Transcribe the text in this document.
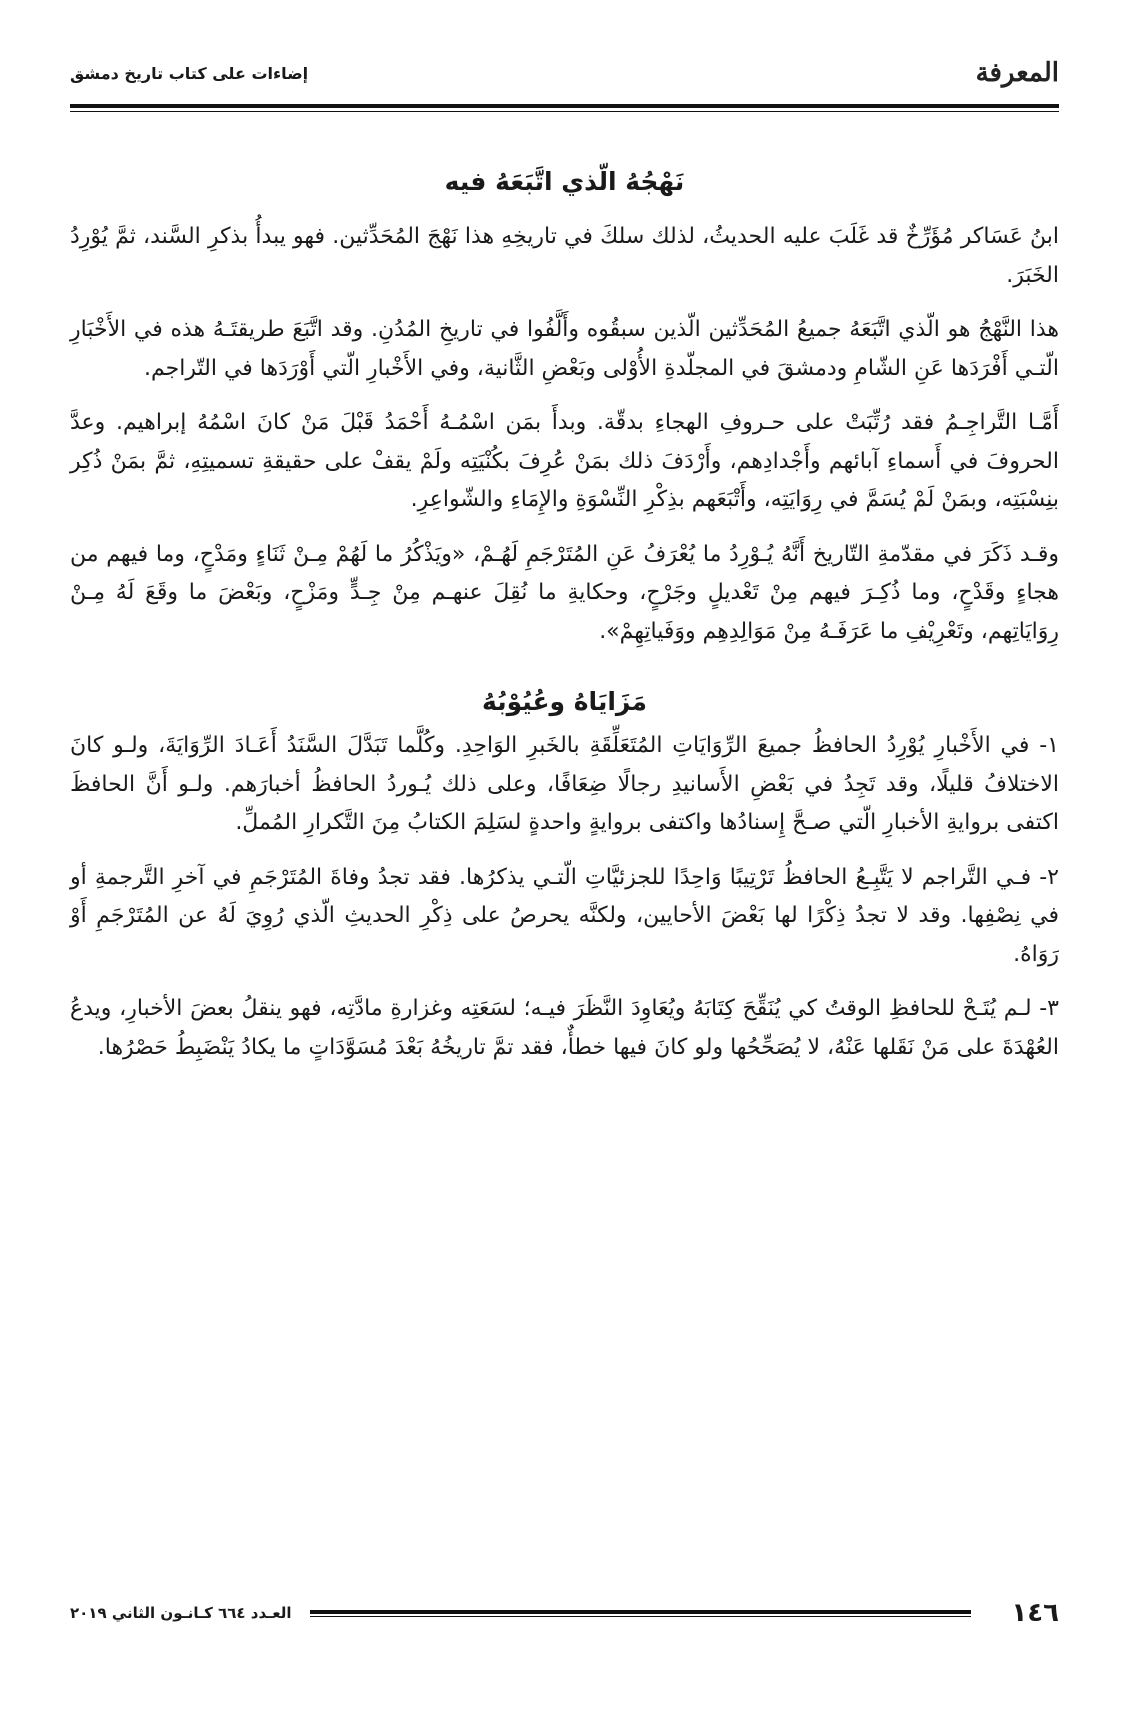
المعرفة
إضاءات على كتاب تاريخ دمشق
نَهْجُهُ الّذي اتَّبَعَهُ فيه

ابنُ عَسَاكر مُؤَرِّخٌ قد غَلَبَ عليه الحديثُ، لذلك سلكَ في تاريخِهِ هذا نَهْجَ المُحَدِّثين. فهو يبدأُ بذكرِ السَّند، ثمَّ يُوْرِدُ الخَبَرَ.

هذا النَّهْجُ هو الّذي اتَّبَعَهُ جميعُ المُحَدِّثين الّذين سبقُوه وأَلَّفُوا في تاريخِ المُدُنِ. وقد اتَّبَعَ طريقتَـهُ هذه في الأَخْبَارِ الّتـي أَفْرَدَها عَنِ الشّامِ ودمشقَ في المجلّدةِ الأُوْلى وبَعْضِ الثَّانية، وفي الأَخْبارِ الّتي أَوْرَدَها في التّراجم.

أَمَّـا التَّراجِـمُ فقد رُتِّبَتْ على حـروفِ الهجاءِ بدقّة. وبدأَ بمَن اسْمُـهُ أَحْمَدُ قَبْلَ مَنْ كانَ اسْمُهُ إبراهيم. وعدَّ الحروفَ في أَسماءِ آبائهم وأَجْدادِهم، وأَرْدَفَ ذلك بمَنْ عُرِفَ بكُنْيَتِه ولَمْ يقفْ على حقيقةِ تسميتِهِ، ثمَّ بمَنْ ذُكِر بنِسْبَتِه، وبمَنْ لَمْ يُسَمَّ في رِوَايَتِه، وأَتْبَعَهم بذِكْرِ النِّسْوَةِ والإِمَاءِ والشّواعِرِ.

وقـد ذَكَرَ في مقدّمةِ التّاريخ أَنَّهُ يُـوْرِدُ ما يُعْرَفُ عَنِ المُتَرْجَمِ لَهُـمْ، «ويَذْكُرُ ما لَهُمْ مِـنْ ثَنَاءٍ ومَدْحٍ، وما فيهم من هجاءٍ وقَدْحٍ، وما ذُكِـرَ فيهم مِنْ تَعْديلٍ وجَرْحٍ، وحكايةِ ما نُقِلَ عنهـم مِنْ جِـدٍّ ومَزْحٍ، وبَعْضَ ما وقَعَ لَهُ مِـنْ رِوَايَاتِهم، وتَعْرِيْفِ ما عَرَفَـهُ مِنْ مَوَالِدِهِم ووَفَياتِهِمْ».

مَزَايَاهُ وعُيُوْبُهُ

١- في الأَخْبارِ يُوْرِدُ الحافظُ جميعَ الرِّوَايَاتِ المُتَعَلِّقَةِ بالخَبرِ الوَاحِدِ. وكُلَّما تَبَدَّلَ السَّنَدُ أَعَـادَ الرِّوَايَةَ، ولـو كانَ الاختلافُ قليلًا، وقد تَجِدُ في بَعْضِ الأَسانيدِ رجالًا ضِعَافًا، وعلى ذلك يُـوردُ الحافظُ أخبارَهم. ولـو أَنَّ الحافظَ اكتفى بروايةِ الأخبارِ الّتي صـحَّ إِسنادُها واكتفى بروايةٍ واحدةٍ لسَلِمَ الكتابُ مِنَ التَّكرارِ المُملِّ.

٢- فـي التَّراجم لا يَتَّبِـعُ الحافظُ تَرْتِيبًا وَاحِدًا للجزئيَّاتِ الّتـي يذكرُها. فقد تجدُ وفاةَ المُتَرْجَمِ في آخرِ التَّرجمةِ أو في نِصْفِها. وقد لا تجدُ ذِكْرًا لها بَعْضَ الأحايين، ولكنَّه يحرصُ على ذِكْرِ الحديثِ الّذي رُوِيَ لَهُ عن المُتَرْجَمِ أَوْ رَوَاهُ.

٣- لـم يُتَـحْ للحافظِ الوقتُ كي يُنَقِّحَ كِتَابَهُ ويُعَاوِدَ النَّظَرَ فيـه؛ لسَعَتِه وغزارةِ مادَّتِه، فهو ينقلُ بعضَ الأخبارِ، ويدعُ العُهْدَةَ على مَنْ نَقَلها عَنْهُ، لا يُصَحِّحُها ولو كانَ فيها خطأٌ، فقد تمَّ تاريخُهُ بَعْدَ مُسَوَّدَاتٍ ما يكادُ يَنْضَبِطُ حَصْرُها.

١٤٦
العـدد ٦٦٤ كـانـون الثاني ٢٠١٩
